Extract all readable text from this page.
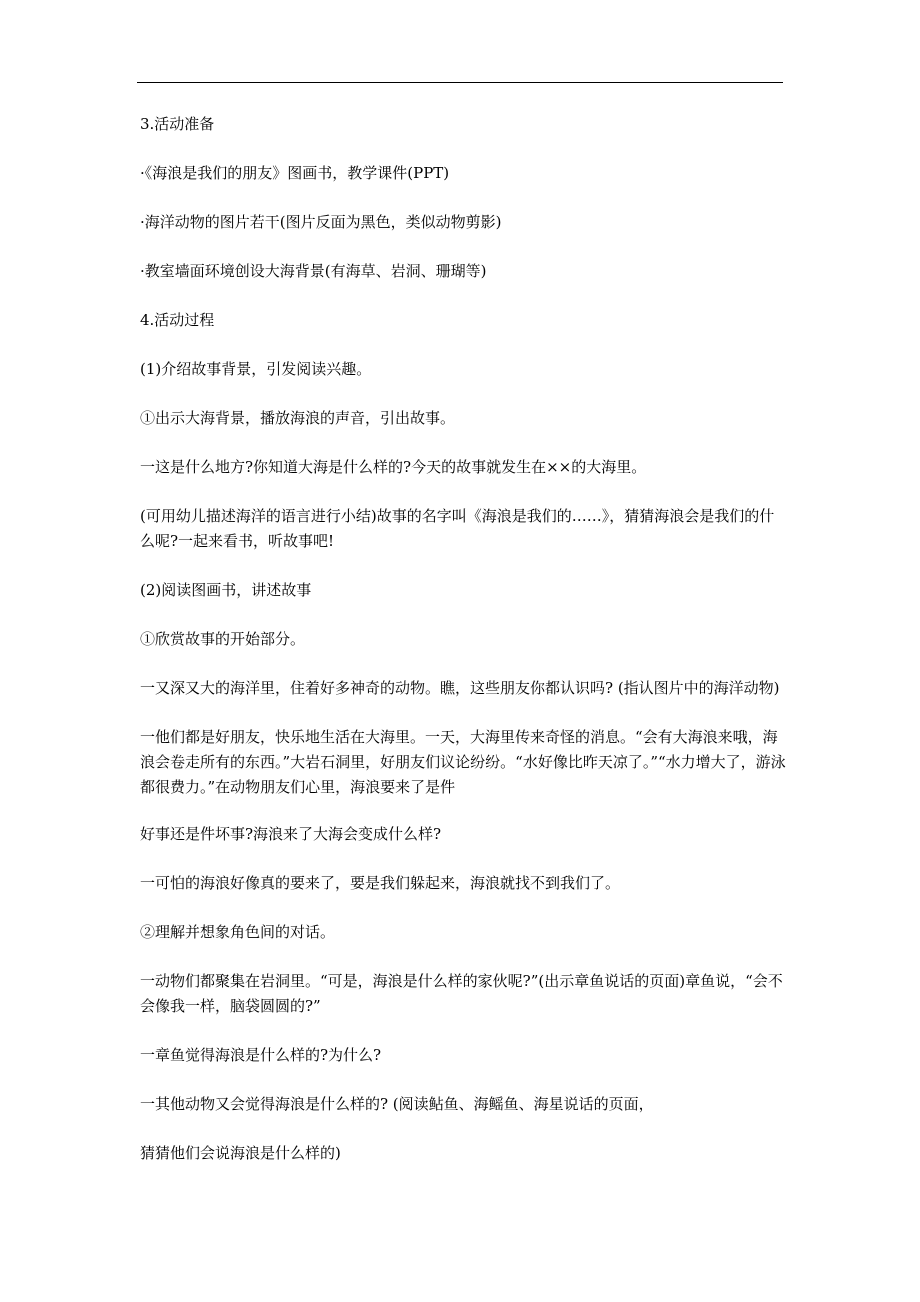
3.活动准备

·《海浪是我们的朋友》图画书，教学课件(PPT)

·海洋动物的图片若干(图片反面为黑色，类似动物剪影)

·教室墙面环境创设大海背景(有海草、岩洞、珊瑚等)

4.活动过程

(1)介绍故事背景，引发阅读兴趣。

①出示大海背景，播放海浪的声音，引出故事。

一这是什么地方?你知道大海是什么样的?今天的故事就发生在××的大海里。

(可用幼儿描述海洋的语言进行小结)故事的名字叫《海浪是我们的……》，猜猜海浪会是我们的什么呢?一起来看书，听故事吧!

(2)阅读图画书，讲述故事

①欣赏故事的开始部分。

一又深又大的海洋里，住着好多神奇的动物。瞧，这些朋友你都认识吗? (指认图片中的海洋动物)

一他们都是好朋友，快乐地生活在大海里。一天，大海里传来奇怪的消息。“会有大海浪来哦，海浪会卷走所有的东西。”大岩石洞里，好朋友们议论纷纷。“水好像比昨天凉了。”“水力增大了，游泳都很费力。”在动物朋友们心里，海浪要来了是件

好事还是件坏事?海浪来了大海会变成什么样?

一可怕的海浪好像真的要来了，要是我们躲起来，海浪就找不到我们了。

②理解并想象角色间的对话。

一动物们都聚集在岩洞里。“可是，海浪是什么样的家伙呢?”(出示章鱼说话的页面)章鱼说，“会不会像我一样，脑袋圆圆的?”

一章鱼觉得海浪是什么样的?为什么?

一其他动物又会觉得海浪是什么样的? (阅读鲇鱼、海鳐鱼、海星说话的页面，

猜猜他们会说海浪是什么样的)
